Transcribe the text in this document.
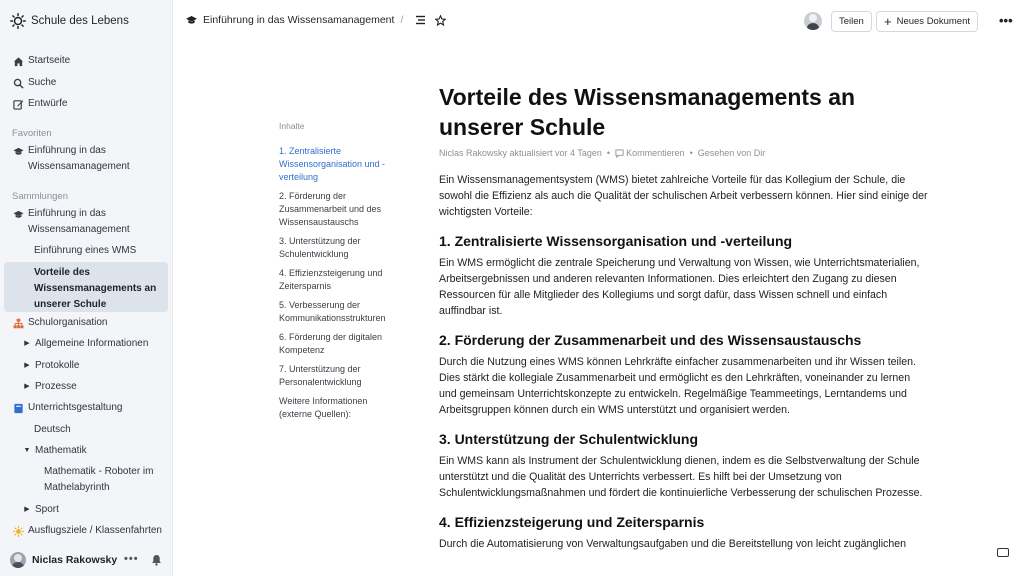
Schule des Lebens
Startseite
Suche
Entwürfe
Favoriten
Einführung in das Wissensamanagement
Sammlungen
Einführung in das Wissensamanagement
Einführung eines WMS
Vorteile des Wissensmanagements an unserer Schule
Schulorganisation
▶ Allgemeine Informationen
▶ Protokolle
▶ Prozesse
Unterrichtsgestaltung
Deutsch
▼ Mathematik
Mathematik - Roboter im Mathelabyrinth
▶ Sport
Ausflugsziele / Klassenfahrten
Niclas Rakowsky •••
Einführung in das Wissensamanagement /	Teilen + Neues Dokument •••
Inhalte
1. Zentralisierte Wissensorganisation und -verteilung
2. Förderung der Zusammenarbeit und des Wissensaustauschs
3. Unterstützung der Schulentwicklung
4. Effizienzsteigerung und Zeitersparnis
5. Verbesserung der Kommunikationsstrukturen
6. Förderung der digitalen Kompetenz
7. Unterstützung der Personalentwicklung
Weitere Informationen (externe Quellen):
Vorteile des Wissensmanagements an unserer Schule
Niclas Rakowsky aktualisiert vor 4 Tagen • Kommentieren • Gesehen von Dir
Ein Wissensmanagementsystem (WMS) bietet zahlreiche Vorteile für das Kollegium der Schule, die sowohl die Effizienz als auch die Qualität der schulischen Arbeit verbessern können. Hier sind einige der wichtigsten Vorteile:
1. Zentralisierte Wissensorganisation und -verteilung
Ein WMS ermöglicht die zentrale Speicherung und Verwaltung von Wissen, wie Unterrichtsmaterialien, Arbeitsergebnissen und anderen relevanten Informationen. Dies erleichtert den Zugang zu diesen Ressourcen für alle Mitglieder des Kollegiums und sorgt dafür, dass Wissen schnell und einfach auffindbar ist.
2. Förderung der Zusammenarbeit und des Wissensaustauschs
Durch die Nutzung eines WMS können Lehrkräfte einfacher zusammenarbeiten und ihr Wissen teilen. Dies stärkt die kollegiale Zusammenarbeit und ermöglicht es den Lehrkräften, voneinander zu lernen und gemeinsam Unterrichtskonzepte zu entwickeln. Regelmäßige Teammeetings, Lerntandems und Arbeitsgruppen können durch ein WMS unterstützt und organisiert werden.
3. Unterstützung der Schulentwicklung
Ein WMS kann als Instrument der Schulentwicklung dienen, indem es die Selbstverwaltung der Schule unterstützt und die Qualität des Unterrichts verbessert. Es hilft bei der Umsetzung von Schulentwicklungsmaßnahmen und fördert die kontinuierliche Verbesserung der schulischen Prozesse.
4. Effizienzsteigerung und Zeitersparnis
Durch die Automatisierung von Verwaltungsaufgaben und die Bereitstellung von leicht zugänglichen
